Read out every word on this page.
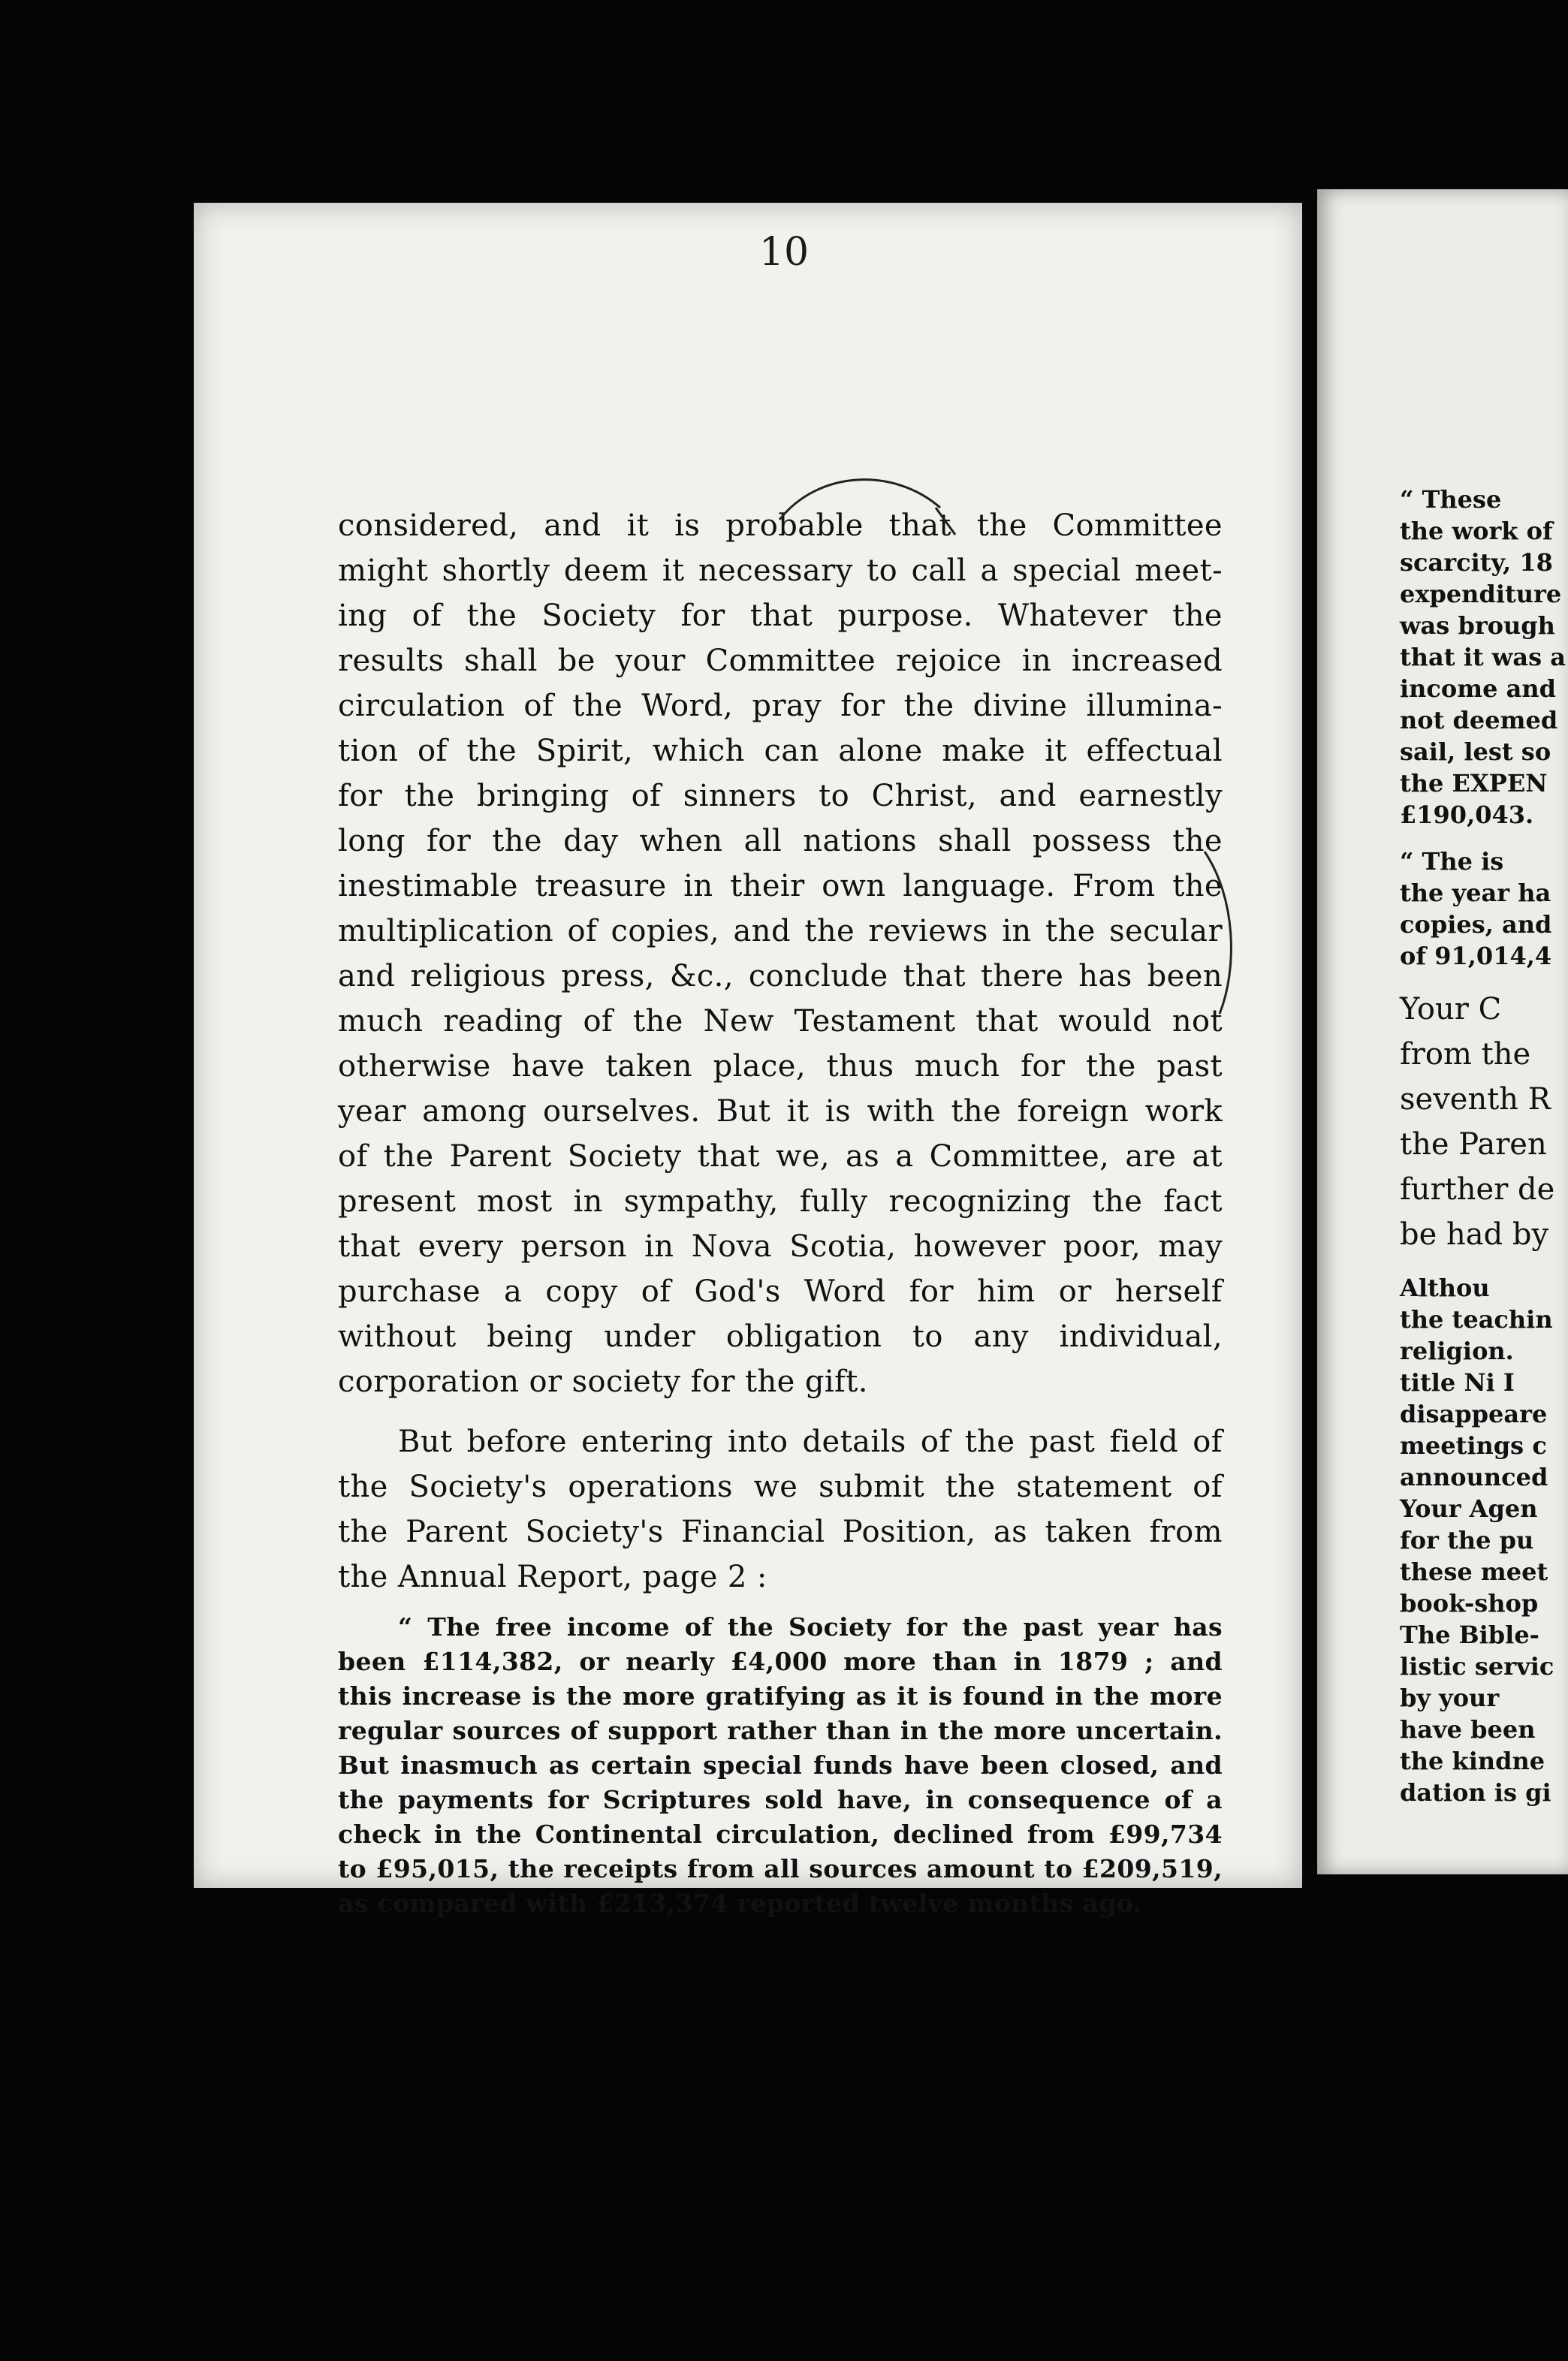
“ These
the work of
scarcity, 18
expenditure
was brough
that it was a
income and
not deemed
sail, lest so
the EXPEN
£190,043.
“ The is
the year ha
copies, and
of 91,014,4
Your C
from the
seventh R
the Paren
further de
be had by
Althou
the teachin
religion.
title Ni I
disappeare
meetings c
announced
Your Agen
for the pu
these meet
book-shop
The Bible-
listic servic
by your
have been
the kindne
dation is gi
10
considered, and it is probable that the Committee
might shortly deem it necessary to call a special meet-
ing of the Society for that purpose. Whatever the
results shall be your Committee rejoice in increased
circulation of the Word, pray for the divine illumina-
tion of the Spirit, which can alone make it effectual
for the bringing of sinners to Christ, and earnestly
long for the day when all nations shall possess the
inestimable treasure in their own language. From the
multiplication of copies, and the reviews in the secular
and religious press, &c., conclude that there has been
much reading of the New Testament that would not
otherwise have taken place, thus much for the past
year among ourselves. But it is with the foreign work
of the Parent Society that we, as a Committee, are at
present most in sympathy, fully recognizing the fact
that every person in Nova Scotia, however poor, may
purchase a copy of God's Word for him or herself
without being under obligation to any individual,
corporation or society for the gift.
But before entering into details of the past field of
the Society's operations we submit the statement of
the Parent Society's Financial Position, as taken from
the Annual Report, page 2 :
“ The free income of the Society for the past year has
been £114,382, or nearly £4,000 more than in 1879 ; and
this increase is the more gratifying as it is found in the more
regular sources of support rather than in the more uncertain.
But inasmuch as certain special funds have been closed, and
the payments for Scriptures sold have, in consequence of a
check in the Continental circulation, declined from £99,734
to £95,015, the receipts from all sources amount to £209,519,
as compared with £213,374 reported twelve months ago.
